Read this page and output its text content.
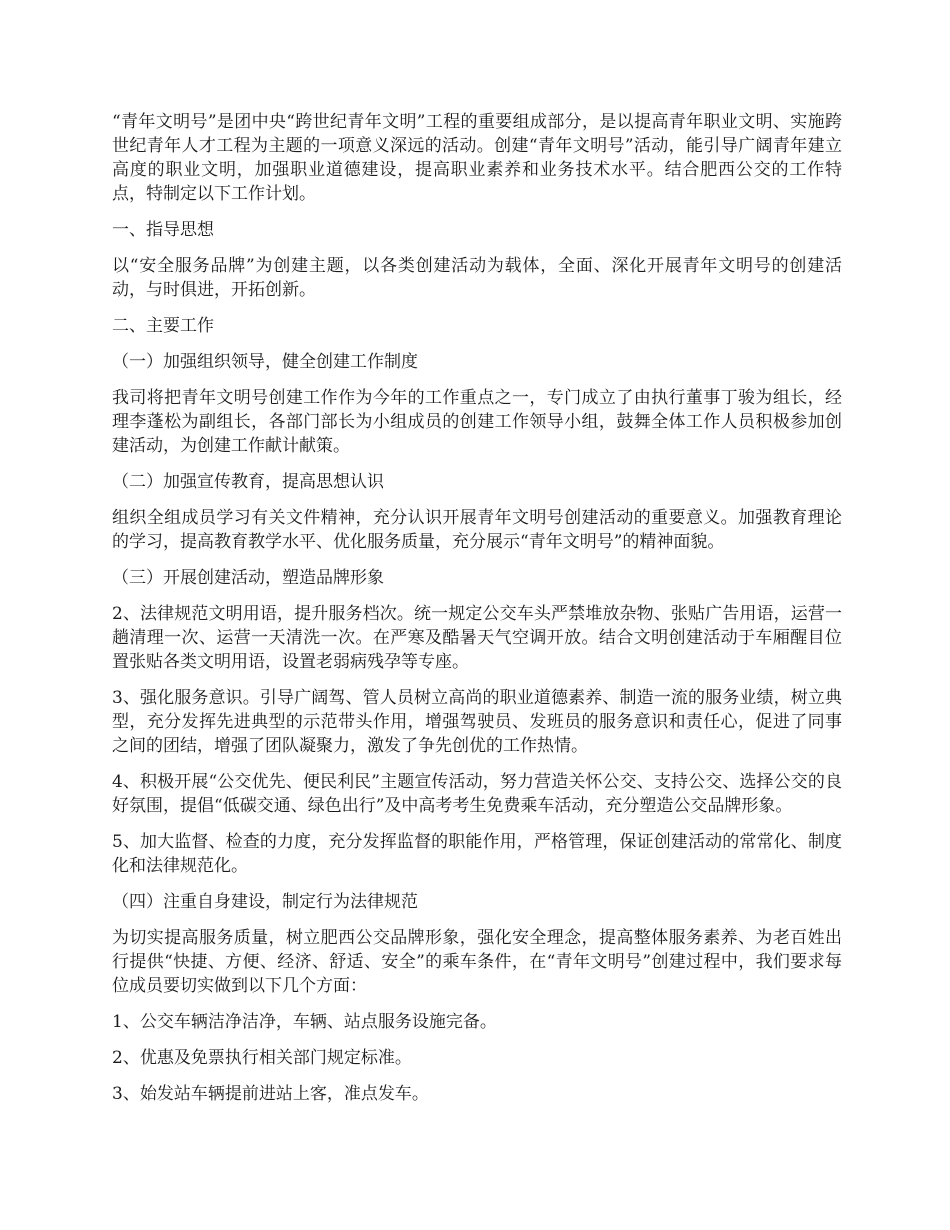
“青年文明号”是团中央“跨世纪青年文明”工程的重要组成部分，是以提高青年职业文明、实施跨世纪青年人才工程为主题的一项意义深远的活动。创建“青年文明号”活动，能引导广阔青年建立高度的职业文明，加强职业道德建设，提高职业素养和业务技术水平。结合肥西公交的工作特点，特制定以下工作计划。

一、指导思想

以“安全服务品牌”为创建主题，以各类创建活动为载体，全面、深化开展青年文明号的创建活动，与时俱进，开拓创新。

二、主要工作

（一）加强组织领导，健全创建工作制度

我司将把青年文明号创建工作作为今年的工作重点之一，专门成立了由执行董事丁骏为组长，经理李蓬松为副组长，各部门部长为小组成员的创建工作领导小组，鼓舞全体工作人员积极参加创建活动，为创建工作献计献策。

（二）加强宣传教育，提高思想认识

组织全组成员学习有关文件精神，充分认识开展青年文明号创建活动的重要意义。加强教育理论的学习，提高教育教学水平、优化服务质量，充分展示“青年文明号”的精神面貌。

（三）开展创建活动，塑造品牌形象

2、法律规范文明用语，提升服务档次。统一规定公交车头严禁堆放杂物、张贴广告用语，运营一趟清理一次、运营一天清洗一次。在严寒及酷暑天气空调开放。结合文明创建活动于车厢醒目位置张贴各类文明用语，设置老弱病残孕等专座。

3、强化服务意识。引导广阔驾、管人员树立高尚的职业道德素养、制造一流的服务业绩，树立典型，充分发挥先进典型的示范带头作用，增强驾驶员、发班员的服务意识和责任心，促进了同事之间的团结，增强了团队凝聚力，激发了争先创优的工作热情。

4、积极开展“公交优先、便民利民”主题宣传活动，努力营造关怀公交、支持公交、选择公交的良好氛围，提倡“低碳交通、绿色出行”及中高考考生免费乘车活动，充分塑造公交品牌形象。

5、加大监督、检查的力度，充分发挥监督的职能作用，严格管理，保证创建活动的常常化、制度化和法律规范化。

（四）注重自身建设，制定行为法律规范

为切实提高服务质量，树立肥西公交品牌形象，强化安全理念，提高整体服务素养、为老百姓出行提供“快捷、方便、经济、舒适、安全”的乘车条件，在“青年文明号”创建过程中，我们要求每位成员要切实做到以下几个方面：

1、公交车辆洁净洁净，车辆、站点服务设施完备。

2、优惠及免票执行相关部门规定标准。

3、始发站车辆提前进站上客，准点发车。
